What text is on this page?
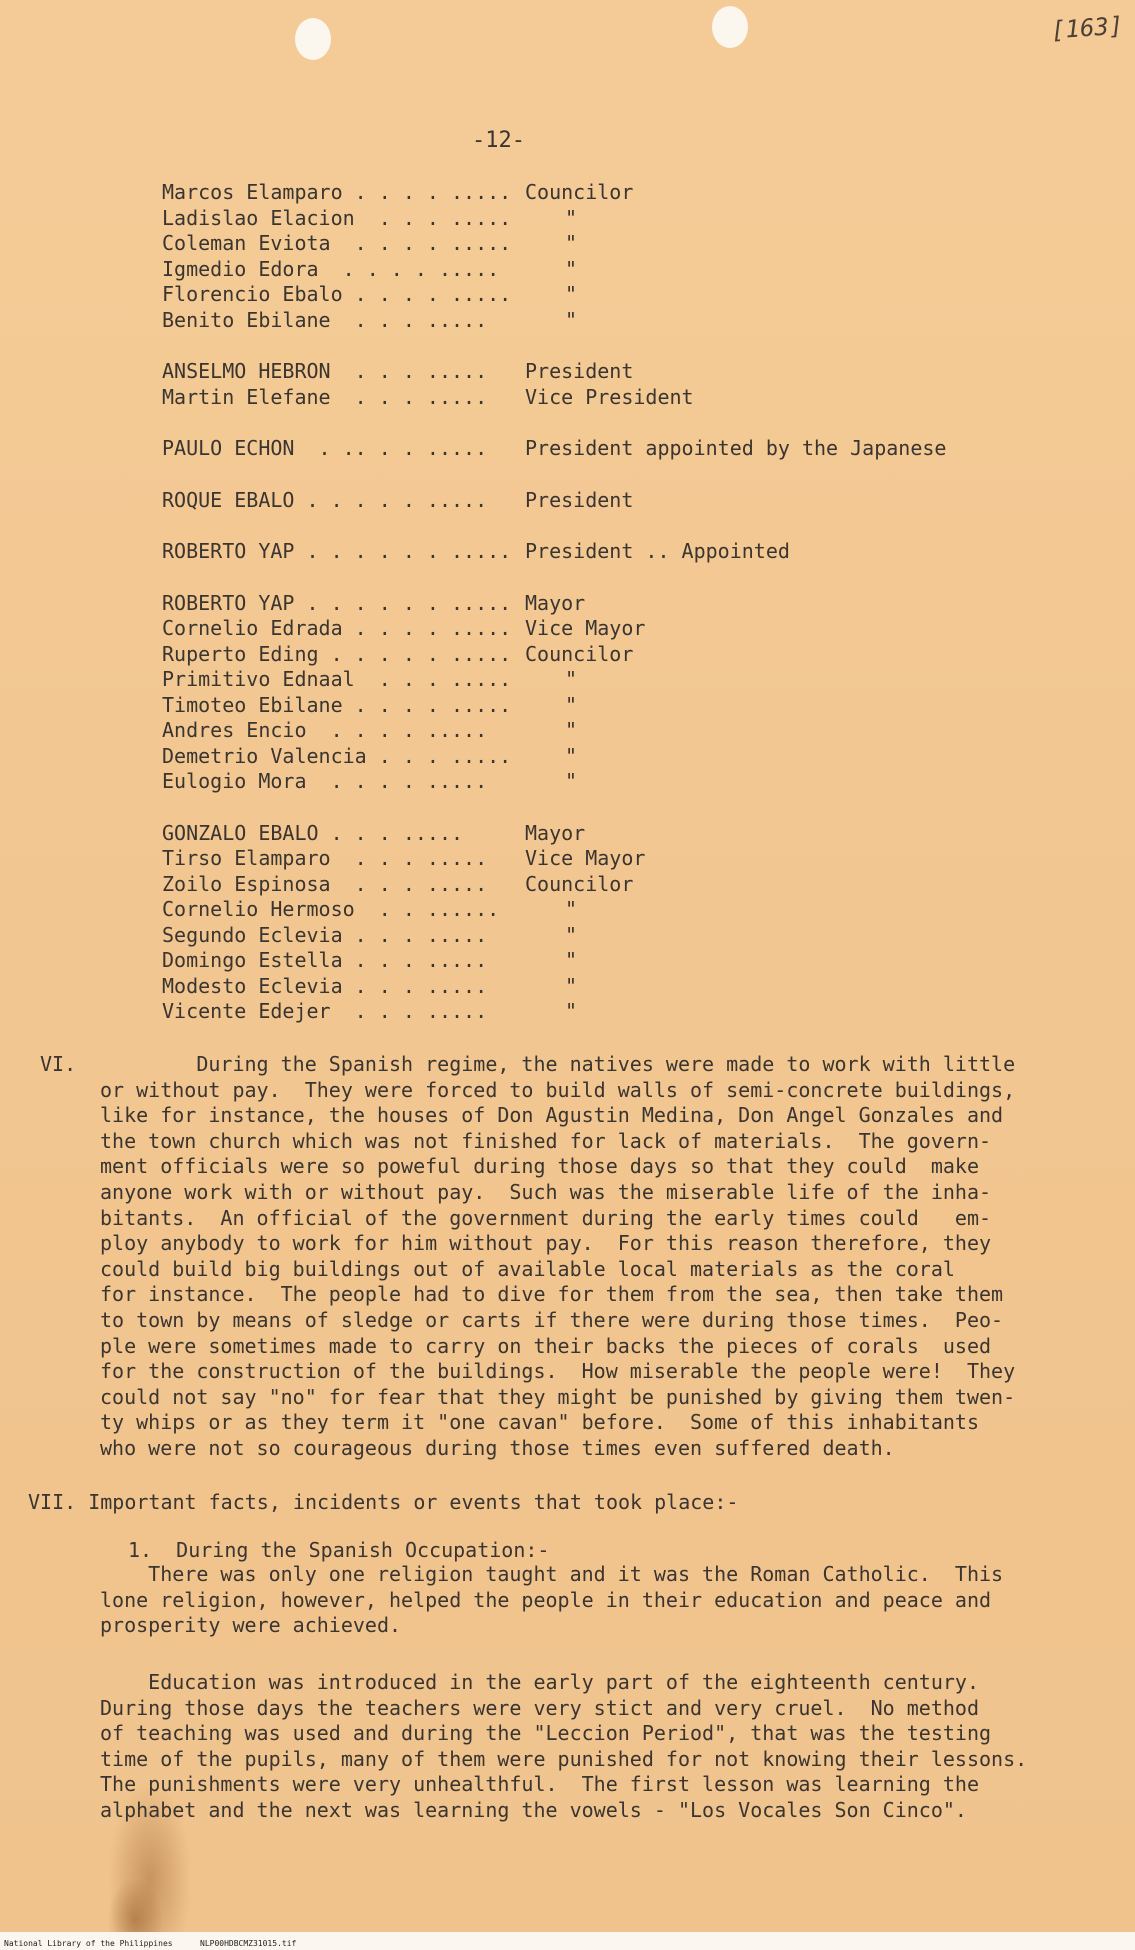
[163]
-12-
Marcos Elamparo . . . . ..... Councilor
Ladislao Elacion  . . . .....	"
Coleman Eviota  . . . . .....	"
Igmedio Edora  . . . . .....	"
Florencio Ebalo . . . . .....	"
Benito Ebilane  . . . .....	"
ANSELMO HEBRON  . . . .....	President
Martin Elefane  . . . .....	Vice President
PAULO ECHON  . .. . . .....	President appointed by the Japanese
ROQUE EBALO . . . . . .....	President
ROBERTO YAP . . . . . . ..... President .. Appointed
ROBERTO YAP . . . . . . ..... Mayor
Cornelio Edrada . . . . ..... Vice Mayor
Ruperto Eding . . . . . ..... Councilor
Primitivo Ednaal  . . . .....	"
Timoteo Ebilane . . . . .....	"
Andres Encio  . . . . .....	"
Demetrio Valencia . . . .....	"
Eulogio Mora  . . . . .....	"
GONZALO EBALO . . . .....	Mayor
Tirso Elamparo  . . . .....	Vice Mayor
Zoilo Espinosa  . . . .....	Councilor
Cornelio Hermoso  . . ......	"
Segundo Eclevia . . . .....	"
Domingo Estella . . . .....	"
Modesto Eclevia . . . .....	"
Vicente Edejer  . . . .....	"
VI. During the Spanish regime, the natives were made to work with little
or without pay.  They were forced to build walls of semi-concrete buildings,
like for instance, the houses of Don Agustin Medina, Don Angel Gonzales and
the town church which was not finished for lack of materials.  The govern-
ment officials were so poweful during those days so that they could  make
anyone work with or without pay.  Such was the miserable life of the inha-
bitants.  An official of the government during the early times could   em-
ploy anybody to work for him without pay.  For this reason therefore, they
could build big buildings out of available local materials as the coral
for instance.  The people had to dive for them from the sea, then take them
to town by means of sledge or carts if there were during those times.  Peo-
ple were sometimes made to carry on their backs the pieces of corals  used
for the construction of the buildings.  How miserable the people were!  They
could not say "no" for fear that they might be punished by giving them twen-
ty whips or as they term it "one cavan" before.  Some of this inhabitants
who were not so courageous during those times even suffered death.
VII. Important facts, incidents or events that took place:-
1.  During the Spanish Occupation:-
There was only one religion taught and it was the Roman Catholic.  This
lone religion, however, helped the people in their education and peace and
prosperity were achieved.
Education was introduced in the early part of the eighteenth century.
During those days the teachers were very stict and very cruel.  No method
of teaching was used and during the "Leccion Period", that was the testing
time of the pupils, many of them were punished for not knowing their lessons.
The punishments were very unhealthful.  The first lesson was learning the
alphabet and the next was learning the vowels - "Los Vocales Son Cinco".
National Library of the Philippines	NLP00HDBCMZ31015.tif
